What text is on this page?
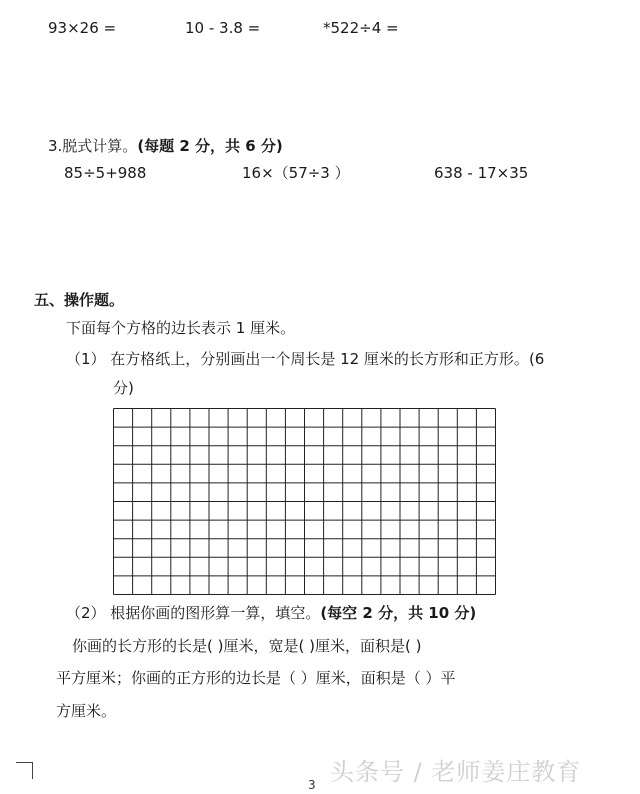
93×26 =	10 - 3.8 =	*522÷4 =
3.脱式计算。(每题 2 分，共 6 分)
85÷5+988	16×（57÷3 ）	638 - 17×35
五、操作题。
下面每个方格的边长表示 1 厘米。
（1） 在方格纸上，分别画出一个周长是 12 厘米的长方形和正方形。(6
分)
（2） 根据你画的图形算一算，填空。(每空 2 分，共 10 分)
你画的长方形的长是( )厘米，宽是( )厘米，面积是( )
平方厘米；你画的正方形的边长是（ ）厘米，面积是（ ）平
方厘米。
头条号 / 老师姜庄教育
3
